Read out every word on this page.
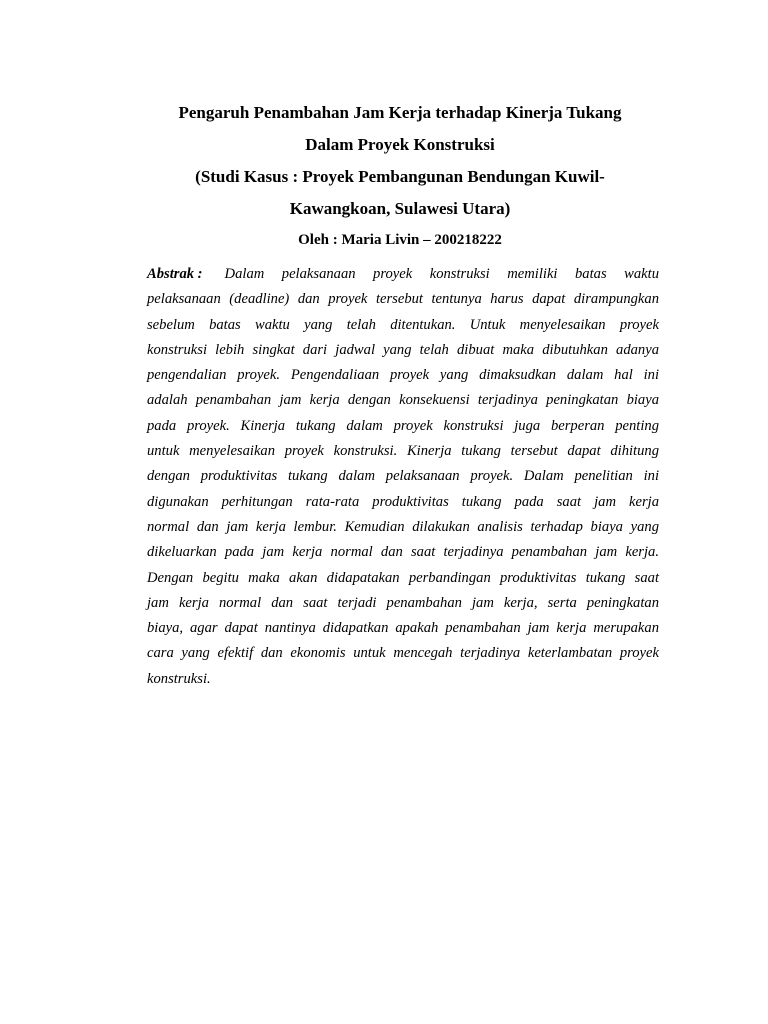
Pengaruh Penambahan Jam Kerja terhadap Kinerja Tukang
Dalam Proyek Konstruksi
(Studi Kasus : Proyek Pembangunan Bendungan Kuwil-
Kawangkoan, Sulawesi Utara)
Oleh : Maria Livin – 200218222
Abstrak : Dalam pelaksanaan proyek konstruksi memiliki batas waktu
pelaksanaan (deadline) dan proyek tersebut tentunya harus dapat dirampungkan
sebelum batas waktu yang telah ditentukan. Untuk menyelesaikan proyek
konstruksi lebih singkat dari jadwal yang telah dibuat maka dibutuhkan adanya
pengendalian proyek. Pengendaliaan proyek yang dimaksudkan dalam hal ini
adalah penambahan jam kerja dengan konsekuensi terjadinya peningkatan biaya
pada proyek. Kinerja tukang dalam proyek konstruksi juga berperan penting
untuk menyelesaikan proyek konstruksi. Kinerja tukang tersebut dapat dihitung
dengan produktivitas tukang dalam pelaksanaan proyek. Dalam penelitian ini
digunakan perhitungan rata-rata produktivitas tukang pada saat jam kerja
normal dan jam kerja lembur. Kemudian dilakukan analisis terhadap biaya yang
dikeluarkan pada jam kerja normal dan saat terjadinya penambahan jam kerja.
Dengan begitu maka akan didapatakan perbandingan produktivitas tukang saat
jam kerja normal dan saat terjadi penambahan jam kerja, serta peningkatan
biaya, agar dapat nantinya didapatkan apakah penambahan jam kerja merupakan
cara yang efektif dan ekonomis untuk mencegah terjadinya keterlambatan proyek
konstruksi.
